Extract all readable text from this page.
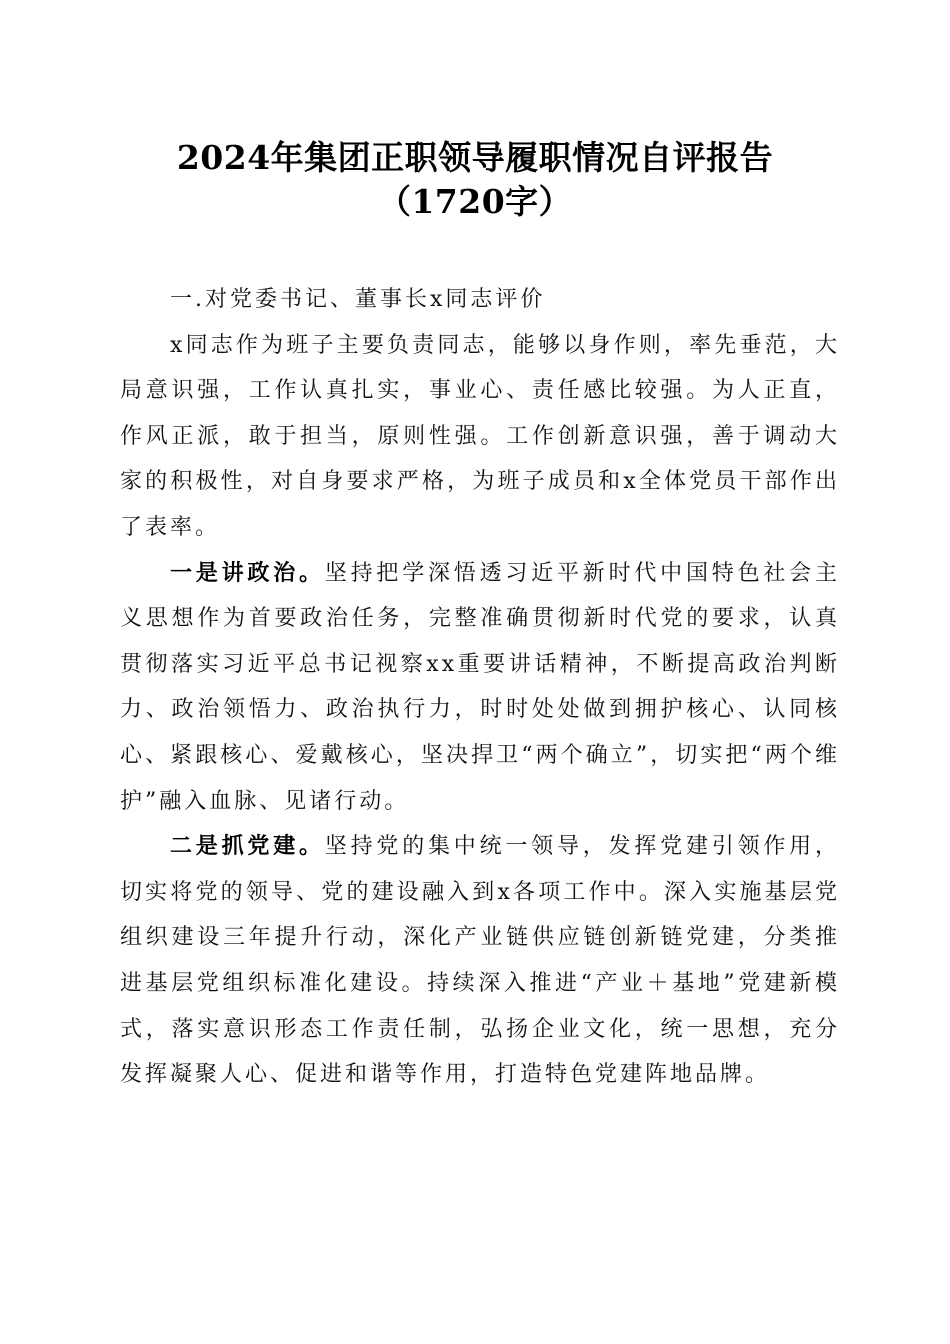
2024年集团正职领导履职情况自评报告
（1720字）

一.对党委书记、董事长x同志评价

x同志作为班子主要负责同志，能够以身作则，率先垂范，大局意识强，工作认真扎实，事业心、责任感比较强。为人正直，作风正派，敢于担当，原则性强。工作创新意识强，善于调动大家的积极性，对自身要求严格，为班子成员和x全体党员干部作出了表率。

一是讲政治。坚持把学深悟透习近平新时代中国特色社会主义思想作为首要政治任务，完整准确贯彻新时代党的要求，认真贯彻落实习近平总书记视察xx重要讲话精神，不断提高政治判断力、政治领悟力、政治执行力，时时处处做到拥护核心、认同核心、紧跟核心、爱戴核心，坚决捍卫“两个确立”，切实把“两个维护”融入血脉、见诸行动。

二是抓党建。坚持党的集中统一领导，发挥党建引领作用，切实将党的领导、党的建设融入到x各项工作中。深入实施基层党组织建设三年提升行动，深化产业链供应链创新链党建，分类推进基层党组织标准化建设。持续深入推进“产业＋基地”党建新模式，落实意识形态工作责任制，弘扬企业文化，统一思想，充分发挥凝聚人心、促进和谐等作用，打造特色党建阵地品牌。
